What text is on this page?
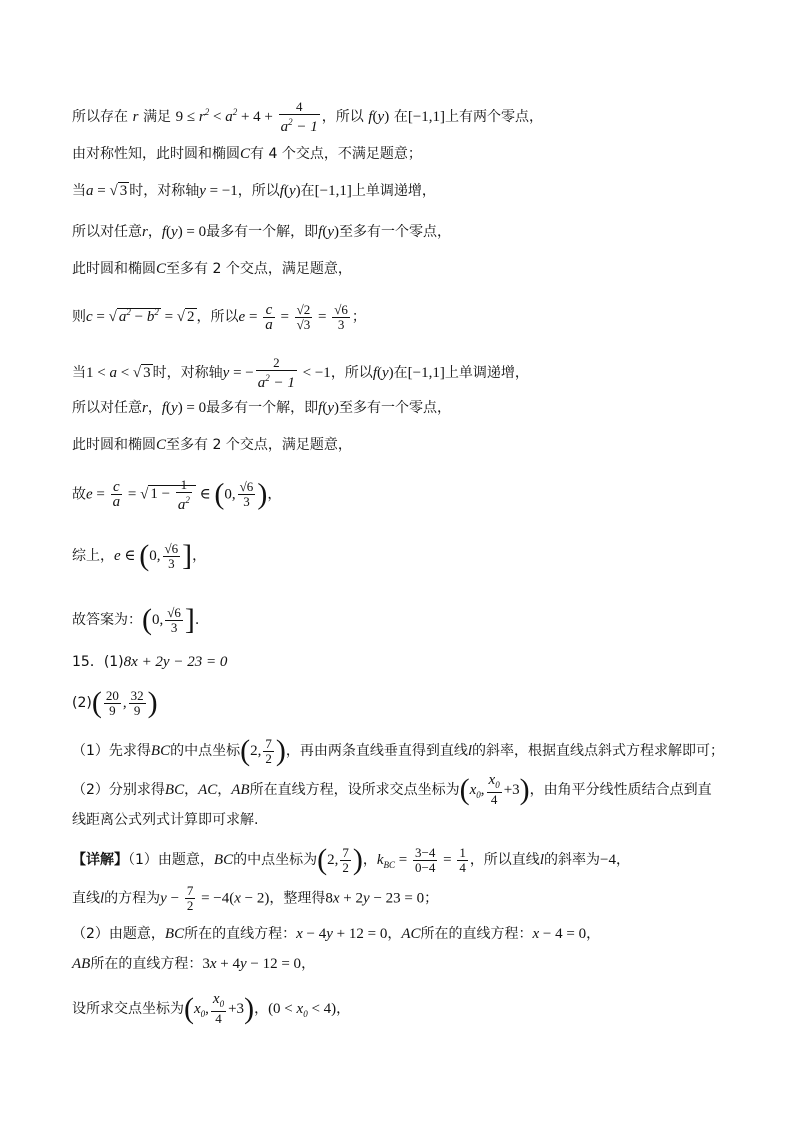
所以存在 r 满足 $9 \le r^2 < a^2 + 4 + \frac{4}{a^2 - 1}$ ，所以 f(y) 在[−1,1]上有两个零点，
由对称性知，此时圆和椭圆C有 4 个交点，不满足题意；
当a = √ 3 时，对称轴y = −1，所以f(y)在[−1,1]上单调递增，
所以对任意r，f(y) = 0最多有一个解，即f(y)至多有一个零点，
此时圆和椭圆C至多有 2 个交点，满足题意，
则c = √ $a^2 - b^2$ = √ 2 ，所以$e = \frac{c}{a} = \frac{√2}{√3} = \frac{√6}{3}$ ；
当1 < a < √ 3 时，对称轴y = − $\frac{2}{a^2 - 1} < -1$，所以f(y)在[−1,1]上单调递增，
所以对任意r，f(y) = 0最多有一个解，即f(y)至多有一个零点，
此时圆和椭圆C至多有 2 个交点，满足题意，
故$e = \frac{c}{a}$ = √ $1 - \frac{1}{a^2}$ ∈ (0, $\frac{√6}{3}$ )，
综上，e ∈ (0, $\frac{√6}{3}$ ]，
故答案为：(0, $\frac{√6}{3}$ ].
15．(1)8x + 2y − 23 = 0
$(2)( \frac{20}{9}$ , $\frac{32}{9}$ )
（1）先求得BC的中点坐标(2, $\frac{7}{2}$ )，再由两条直线垂直得到直线l的斜率，根据直线点斜式方程求解即可；
（2）分别求得BC，AC，AB所在直线方程，设所求交点坐标为($x_0$, $\frac{x_0}{4} +3$)，由角平分线性质结合点到直
线距离公式列式计算即可求解.
【详解】（1）由题意，BC的中点坐标为(2, $\frac{7}{2}$ )，$k_{BC} = \frac{3-4}{0-4} = \frac{1}{4}$ ，所以直线l的斜率为−4，
直线l的方程为$y - \frac{7}{2} = -4(x - 2)$，整理得8x + 2y − 23 = 0；
（2）由题意，BC所在的直线方程：x − 4y + 12 = 0，AC所在的直线方程：x − 4 = 0，
AB所在的直线方程：3x + 4y − 12 = 0，
设所求交点坐标为($x_0$, $\frac{x_0}{4} +3$)，$(0 < x_0 < 4)$，
